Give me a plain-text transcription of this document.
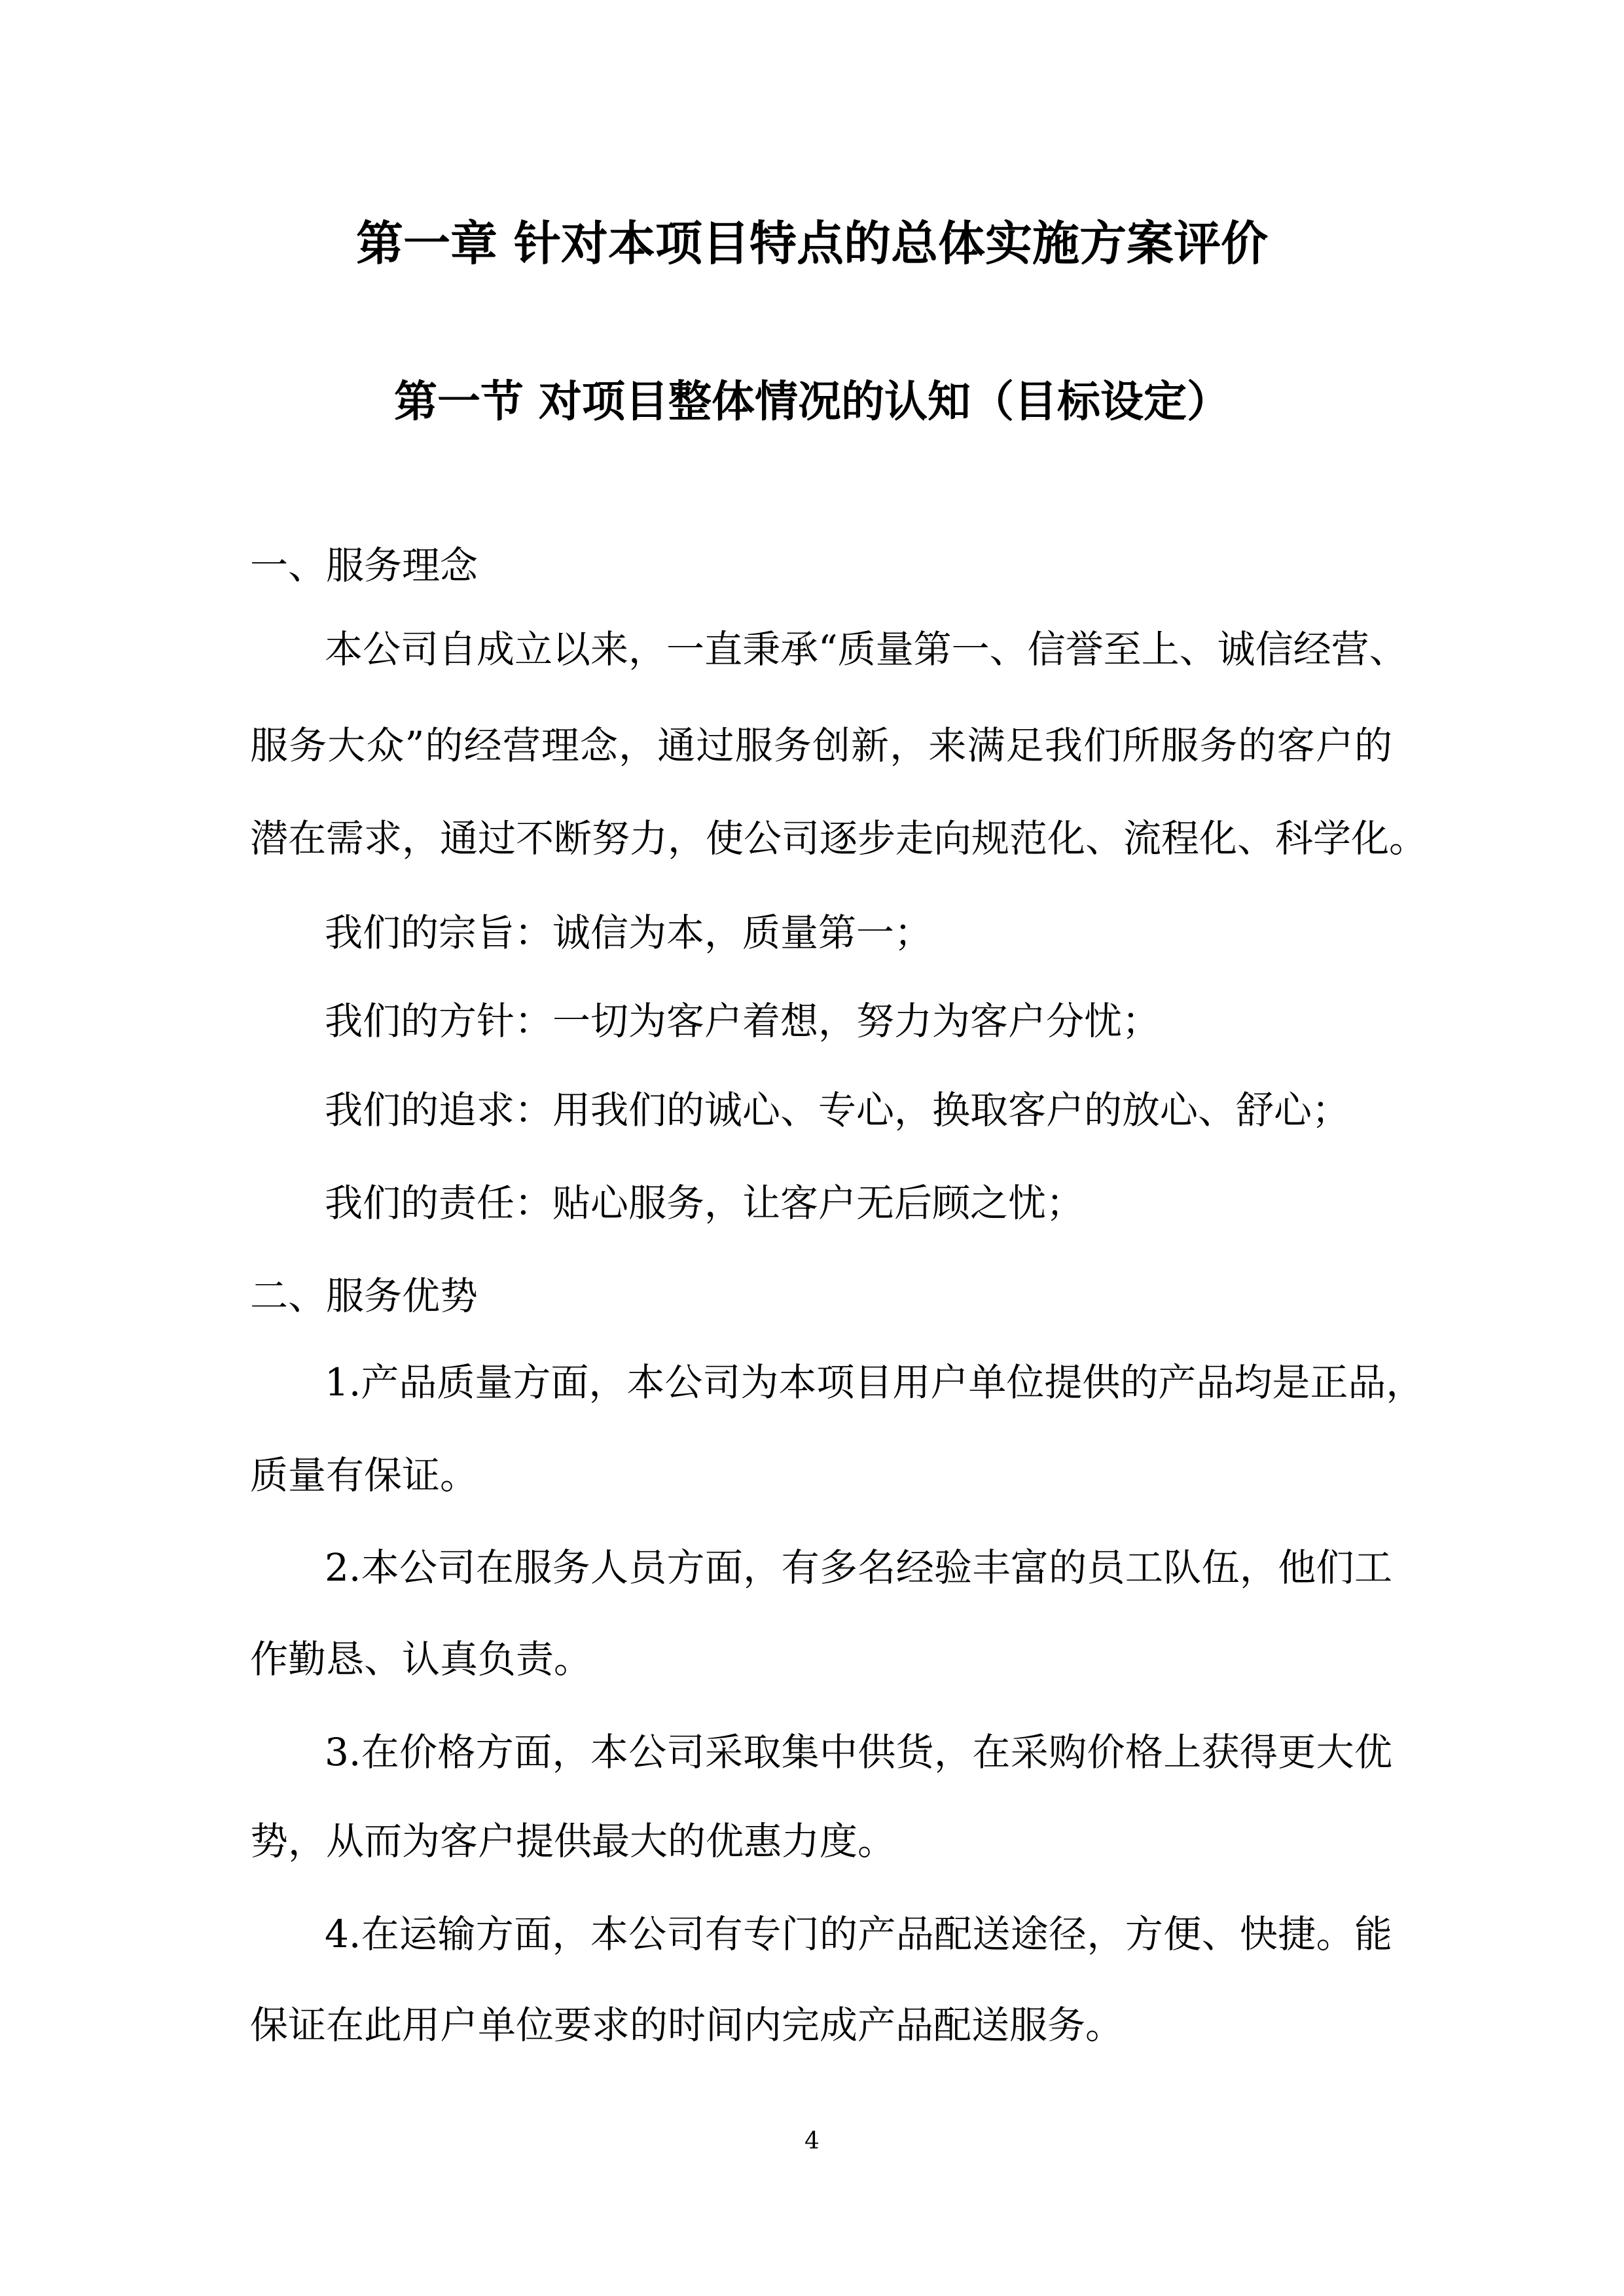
第一章 针对本项目特点的总体实施方案评价
第一节 对项目整体情况的认知（目标设定）
一、服务理念
本公司自成立以来，一直秉承“质量第一、信誉至上、诚信经营、
服务大众”的经营理念，通过服务创新，来满足我们所服务的客户的
潜在需求，通过不断努力，使公司逐步走向规范化、流程化、科学化。
我们的宗旨：诚信为本，质量第一；
我们的方针：一切为客户着想，努力为客户分忧；
我们的追求：用我们的诚心、专心，换取客户的放心、舒心；
我们的责任：贴心服务，让客户无后顾之忧；
二、服务优势
1.产品质量方面，本公司为本项目用户单位提供的产品均是正品，
质量有保证。
2.本公司在服务人员方面，有多名经验丰富的员工队伍，他们工
作勤恳、认真负责。
3.在价格方面，本公司采取集中供货，在采购价格上获得更大优
势，从而为客户提供最大的优惠力度。
4.在运输方面，本公司有专门的产品配送途径，方便、快捷。能
保证在此用户单位要求的时间内完成产品配送服务。
4
